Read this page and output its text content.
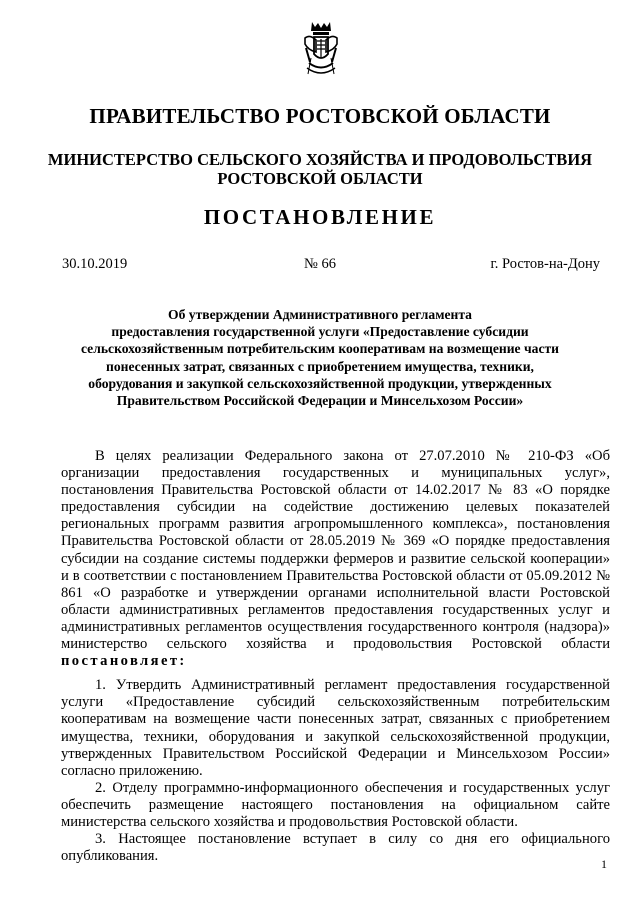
ПРАВИТЕЛЬСТВО РОСТОВСКОЙ ОБЛАСТИ
МИНИСТЕРСТВО СЕЛЬСКОГО ХОЗЯЙСТВА И ПРОДОВОЛЬСТВИЯ
РОСТОВСКОЙ ОБЛАСТИ
ПОСТАНОВЛЕНИЕ
30.10.2019	№ 66	г. Ростов-на-Дону
Об утверждении Административного регламента
предоставления государственной услуги «Предоставление субсидии
сельскохозяйственным потребительским кооперативам на возмещение части
понесенных затрат, связанных с приобретением имущества, техники,
оборудования и закупкой сельскохозяйственной продукции, утвержденных
Правительством Российской Федерации и Минсельхозом России»

В целях реализации Федерального закона от 27.07.2010 № 210-ФЗ «Об организации предоставления государственных и муниципальных услуг», постановления Правительства Ростовской области от 14.02.2017 № 83 «О порядке предоставления субсидии на содействие достижению целевых показателей региональных программ развития агропромышленного комплекса», постановления Правительства Ростовской области от 28.05.2019 № 369 «О порядке предоставления субсидии на создание системы поддержки фермеров и развитие сельской кооперации» и в соответствии с постановлением Правительства Ростовской области от 05.09.2012 № 861 «О разработке и утверждении органами исполнительной власти Ростовской области административных регламентов предоставления государственных услуг и административных регламентов осуществления государственного контроля (надзора)» министерство сельского хозяйства и продовольствия Ростовской области постановляет:

1. Утвердить Административный регламент предоставления государственной услуги «Предоставление субсидий сельскохозяйственным потребительским кооперативам на возмещение части понесенных затрат, связанных с приобретением имущества, техники, оборудования и закупкой сельскохозяйственной продукции, утвержденных Правительством Российской Федерации и Минсельхозом России» согласно приложению.

2. Отделу программно-информационного обеспечения и государственных услуг обеспечить размещение настоящего постановления на официальном сайте министерства сельского хозяйства и продовольствия Ростовской области.

3. Настоящее постановление вступает в силу со дня его официального опубликования.	1
